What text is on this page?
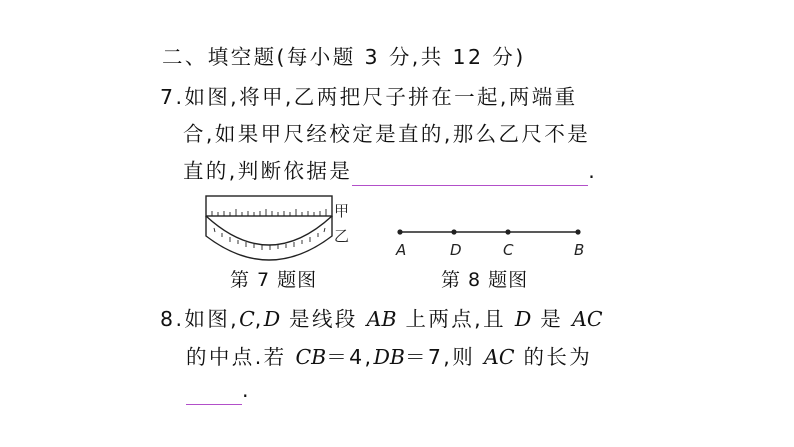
二、填空题(每小题 3 分,共 12 分)
7.如图,将甲,乙两把尺子拼在一起,两端重
合,如果甲尺经校定是直的,那么乙尺不是
直的,判断依据是	.
甲
乙
A	D	C	B
第 7 题图	第 8 题图
8.如图,C,D 是线段 AB 上两点,且 D 是 AC
的中点.若 CB＝4,DB＝7,则 AC 的长为
.
